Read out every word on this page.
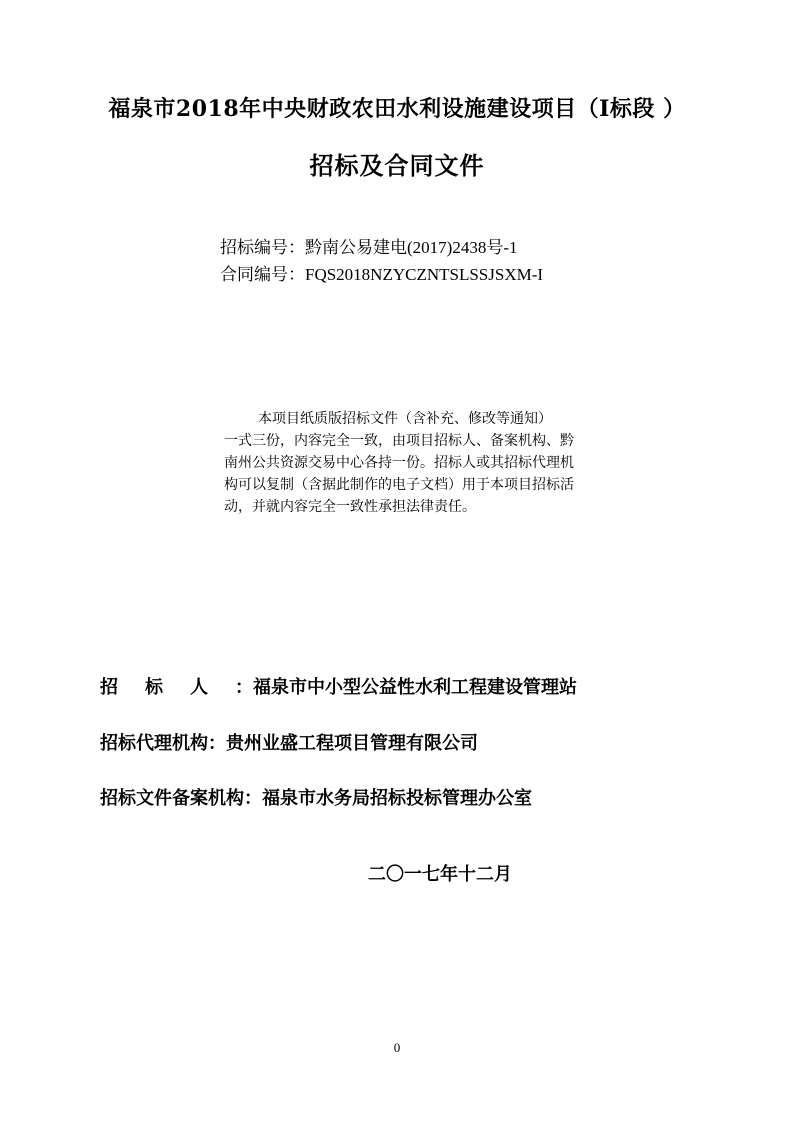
福泉市2018年中央财政农田水利设施建设项目（I标段 ）
招标及合同文件
招标编号：黔南公易建电(2017)2438号-1
合同编号：FQS2018NZYCZNTSLSSJSXM-I
本项目纸质版招标文件（含补充、修改等通知）
一式三份，内容完全一致，由项目招标人、备案机构、黔
南州公共资源交易中心各持一份。招标人或其招标代理机
构可以复制（含据此制作的电子文档）用于本项目招标活
动，并就内容完全一致性承担法律责任。
招标人：福泉市中小型公益性水利工程建设管理站
招标代理机构：贵州业盛工程项目管理有限公司
招标文件备案机构：福泉市水务局招标投标管理办公室
二〇一七年十二月
0
